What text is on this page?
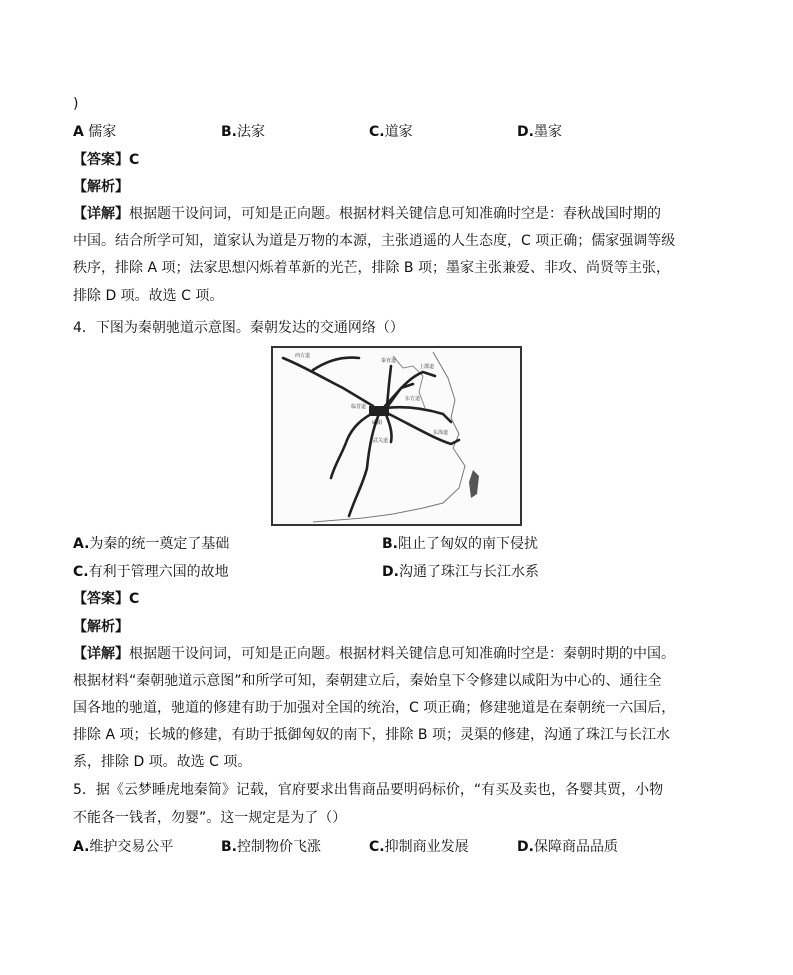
)
A 儒家	B.法家	C.道家	D.墨家
【答案】C
【解析】
【详解】根据题干设问词，可知是正向题。根据材料关键信息可知准确时空是：春秋战国时期的
中国。结合所学可知，道家认为道是万物的本源，主张逍遥的人生态度，C 项正确；儒家强调等级
秩序，排除 A 项；法家思想闪烁着革新的光芒，排除 B 项；墨家主张兼爱、非攻、尚贤等主张，
排除 D 项。故选 C 项。
4．下图为秦朝驰道示意图。秦朝发达的交通网络（）
西方道
秦直道
上郡道
东方道
咸阳
临晋道
武关道
东海道
A.为秦的统一奠定了基础	B.阻止了匈奴的南下侵扰
C.有利于管理六国的故地	D.沟通了珠江与长江水系
【答案】C
【解析】
【详解】根据题干设问词，可知是正向题。根据材料关键信息可知准确时空是：秦朝时期的中国。
根据材料“秦朝驰道示意图”和所学可知，秦朝建立后，秦始皇下令修建以咸阳为中心的、通往全
国各地的驰道，驰道的修建有助于加强对全国的统治，C 项正确；修建驰道是在秦朝统一六国后，
排除 A 项；长城的修建，有助于抵御匈奴的南下，排除 B 项；灵渠的修建，沟通了珠江与长江水
系，排除 D 项。故选 C 项。
5．据《云梦睡虎地秦简》记载，官府要求出售商品要明码标价，“有买及卖也，各婴其贾，小物
不能各一钱者，勿婴”。这一规定是为了（）
A.维护交易公平	B.控制物价飞涨	C.抑制商业发展	D.保障商品品质
